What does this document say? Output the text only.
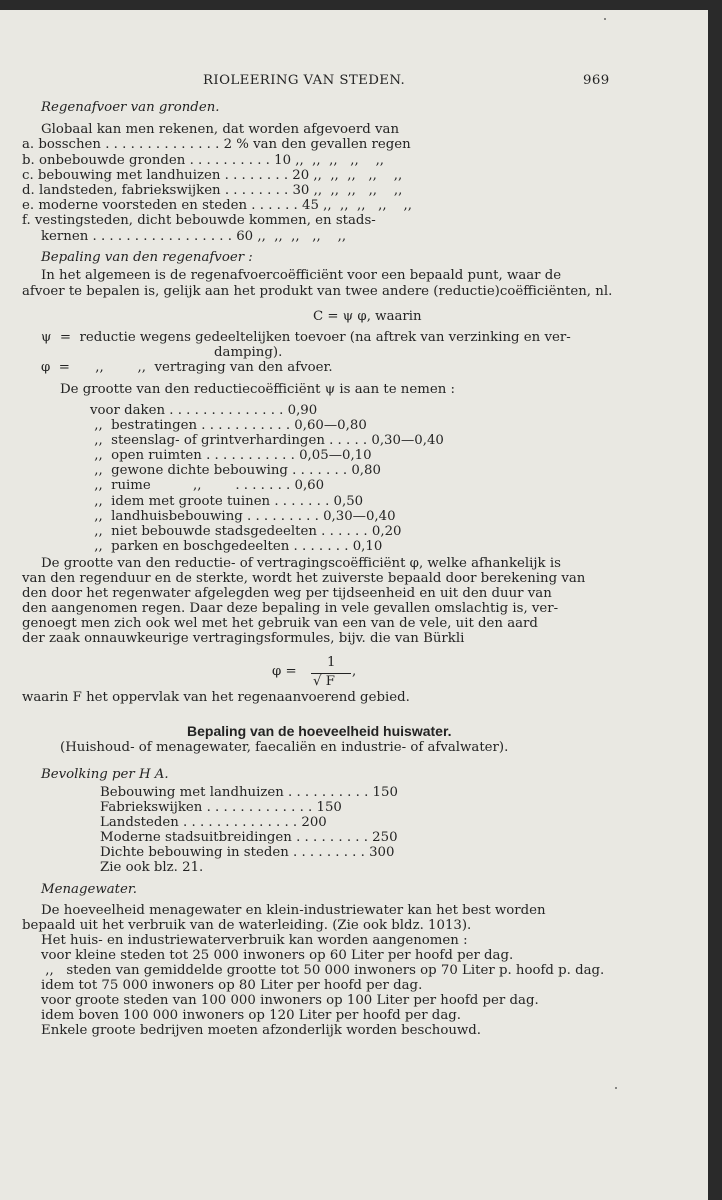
RIOLEERING VAN STEDEN.	969
Regenafvoer van gronden.
Globaal kan men rekenen, dat worden afgevoerd van
a. bosschen . . . . . . . . . . . . . . 2 % van den gevallen regen
b. onbebouwde gronden . . . . . . . . . . 10 ,,  ,,  ,,   ,,    ,,
c. bebouwing met landhuizen . . . . . . . . 20 ,,  ,,  ,,   ,,    ,,
d. landsteden, fabriekswijken . . . . . . . . 30 ,,  ,,  ,,   ,,    ,,
e. moderne voorsteden en steden . . . . . . 45 ,,  ,,  ,,   ,,    ,,
f. vestingsteden, dicht bebouwde kommen, en stads-
kernen . . . . . . . . . . . . . . . . . 60 ,,  ,,  ,,   ,,    ,,
Bepaling van den regenafvoer :
In het algemeen is de regenafvoercoëfficiënt voor een bepaald punt, waar de
afvoer te bepalen is, gelijk aan het produkt van twee andere (reductie)coëfficiënten, nl.
C = ψ φ, waarin
ψ  =  reductie wegens gedeeltelijken toevoer (na aftrek van verzinking en ver-
damping).
φ  =      ,,        ,,  vertraging van den afvoer.
De grootte van den reductiecoëfficiënt ψ is aan te nemen :
voor daken . . . . . . . . . . . . . . 0,90
,,  bestratingen . . . . . . . . . . . 0,60—0,80
,,  steenslag- of grintverhardingen . . . . . 0,30—0,40
,,  open ruimten . . . . . . . . . . . 0,05—0,10
,,  gewone dichte bebouwing . . . . . . . 0,80
,,  ruime          ,,        . . . . . . . 0,60
,,  idem met groote tuinen . . . . . . . 0,50
,,  landhuisbebouwing . . . . . . . . . 0,30—0,40
,,  niet bebouwde stadsgedeelten . . . . . . 0,20
,,  parken en boschgedeelten . . . . . . . 0,10
De grootte van den reductie- of vertragingscoëfficiënt φ, welke afhankelijk is
van den regenduur en de sterkte, wordt het zuiverste bepaald door berekening van
den door het regenwater afgelegden weg per tijdseenheid en uit den duur van
den aangenomen regen. Daar deze bepaling in vele gevallen omslachtig is, ver-
genoegt men zich ook wel met het gebruik van een van de vele, uit den aard
der zaak onnauwkeurige vertragingsformules, bijv. die van Bürkli
waarin F het oppervlak van het regenaanvoerend gebied.
(Huishoud- of menagewater, faecaliën en industrie- of afvalwater).
Bevolking per H A.
Bebouwing met landhuizen . . . . . . . . . . 150
Fabriekswijken . . . . . . . . . . . . . 150
Landsteden . . . . . . . . . . . . . . 200
Moderne stadsuitbreidingen . . . . . . . . . 250
Dichte bebouwing in steden . . . . . . . . . 300
Zie ook blz. 21.
Menagewater.
De hoeveelheid menagewater en klein-industriewater kan het best worden
bepaald uit het verbruik van de waterleiding. (Zie ook bldz. 1013).
Het huis- en industriewaterverbruik kan worden aangenomen :
voor kleine steden tot 25 000 inwoners op 60 Liter per hoofd per dag.
,,   steden van gemiddelde grootte tot 50 000 inwoners op 70 Liter p. hoofd p. dag.
idem tot 75 000 inwoners op 80 Liter per hoofd per dag.
voor groote steden van 100 000 inwoners op 100 Liter per hoofd per dag.
idem boven 100 000 inwoners op 120 Liter per hoofd per dag.
Enkele groote bedrijven moeten afzonderlijk worden beschouwd.
φ =
1
√ F
,
Bepaling van de hoeveelheid huiswater.
